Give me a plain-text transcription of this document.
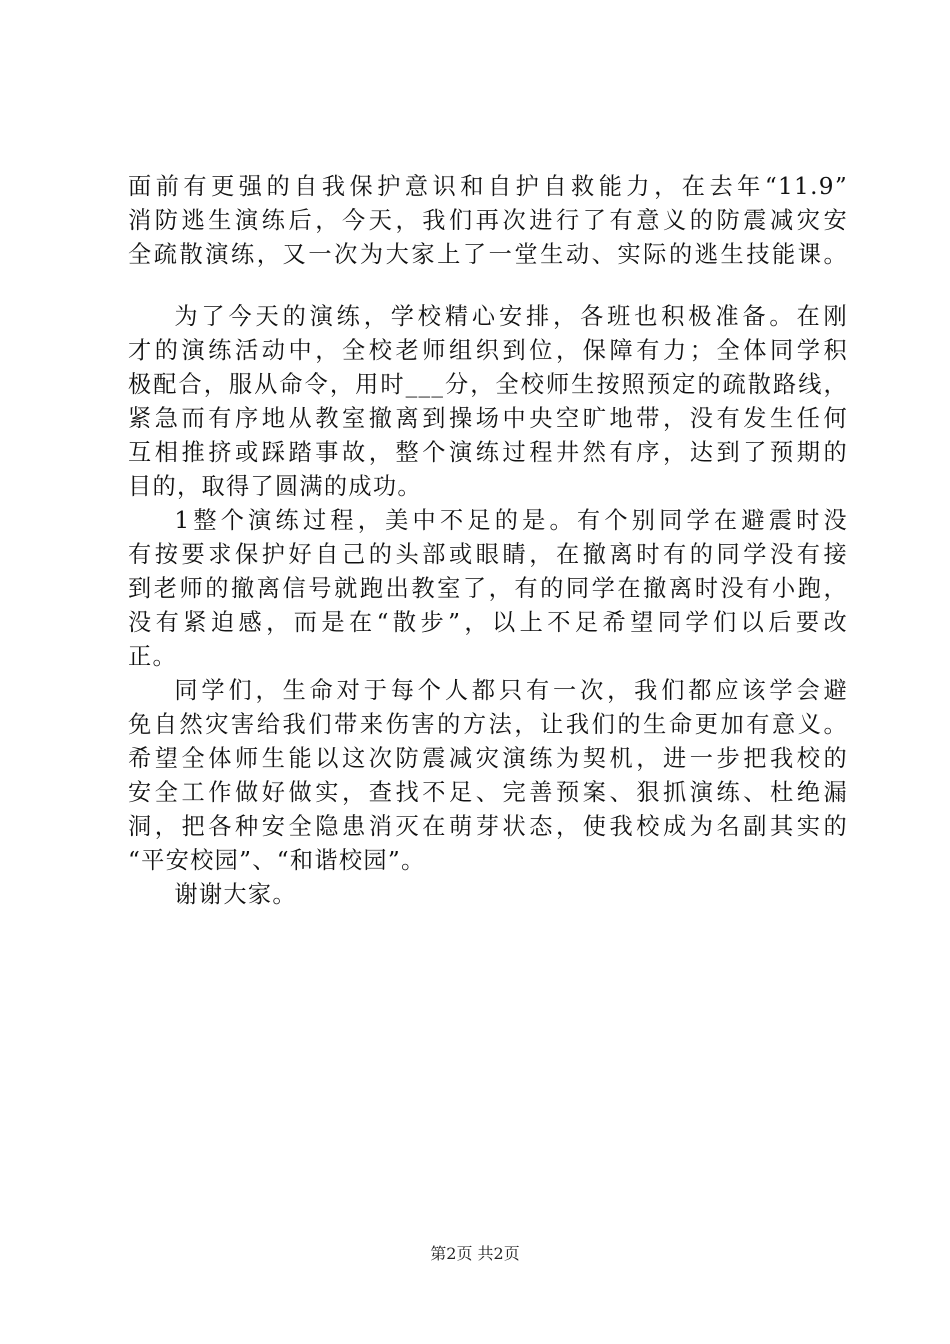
面前有更强的自我保护意识和自护自救能力，在去年“11.9”
消防逃生演练后，今天，我们再次进行了有意义的防震减灾安
全疏散演练，又一次为大家上了一堂生动、实际的逃生技能课。
为了今天的演练，学校精心安排，各班也积极准备。在刚
才的演练活动中，全校老师组织到位，保障有力；全体同学积
极配合，服从命令，用时___分，全校师生按照预定的疏散路线，
紧急而有序地从教室撤离到操场中央空旷地带，没有发生任何
互相推挤或踩踏事故，整个演练过程井然有序，达到了预期的
目的，取得了圆满的成功。
1整个演练过程，美中不足的是。有个别同学在避震时没
有按要求保护好自己的头部或眼睛，在撤离时有的同学没有接
到老师的撤离信号就跑出教室了，有的同学在撤离时没有小跑，
没有紧迫感，而是在“散步”，以上不足希望同学们以后要改
正。
同学们，生命对于每个人都只有一次，我们都应该学会避
免自然灾害给我们带来伤害的方法，让我们的生命更加有意义。
希望全体师生能以这次防震减灾演练为契机，进一步把我校的
安全工作做好做实，查找不足、完善预案、狠抓演练、杜绝漏
洞，把各种安全隐患消灭在萌芽状态，使我校成为名副其实的
“平安校园”、“和谐校园”。
谢谢大家。
第2页 共2页
